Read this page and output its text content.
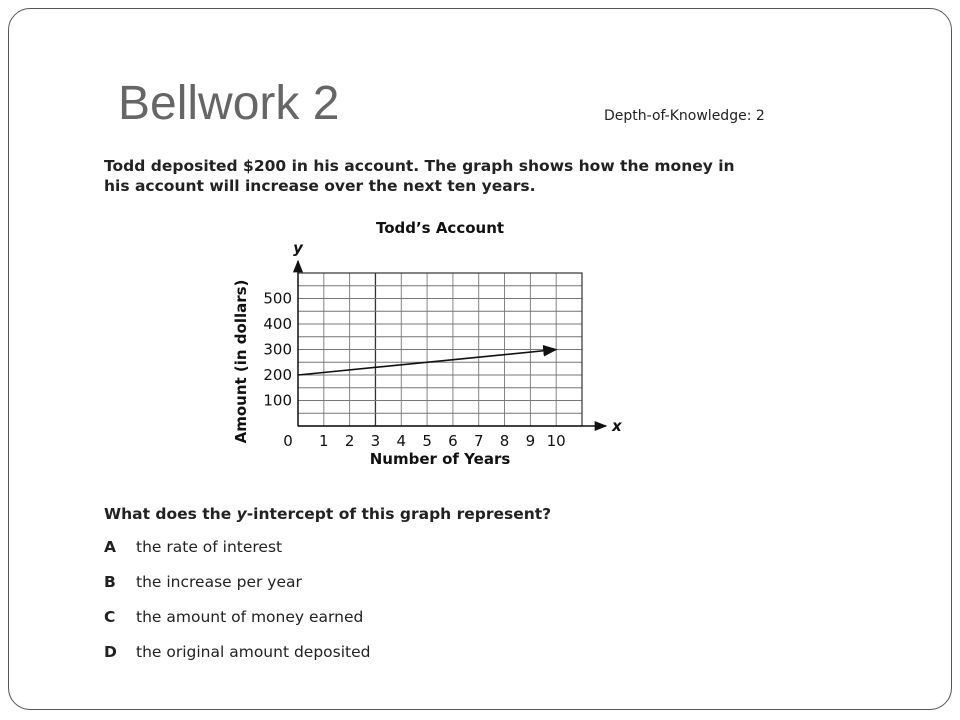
Bellwork 2	Depth-of-Knowledge: 2

Todd deposited $200 in his account. The graph shows how the money in his account will increase over the next ten years.

1 2 3 4 5 6 7 8 9 10
100
200
300
400
500
0
y
x
Todd’s Account
Number of Years
Amount (in dollars)

What does the y-intercept of this graph represent?

A	the rate of interest
B	the increase per year
C	the amount of money earned
D	the original amount deposited
